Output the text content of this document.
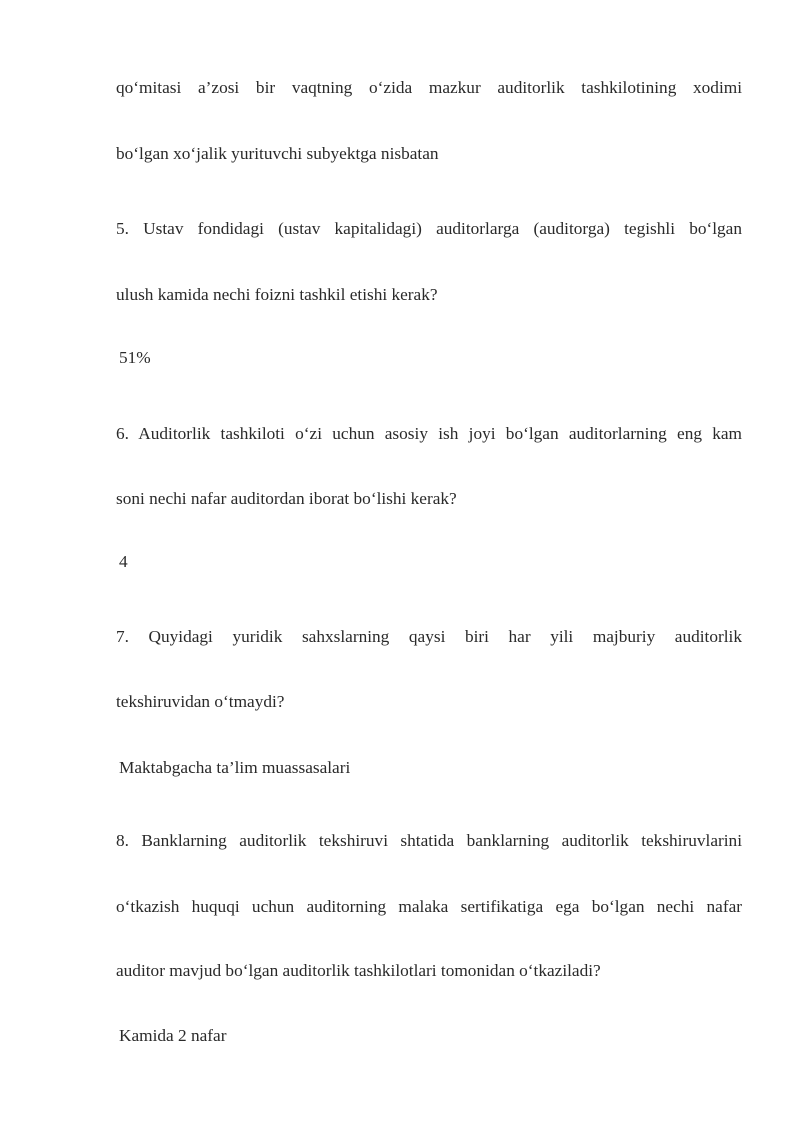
qo‘mitasi a’zosi bir vaqtning o‘zida mazkur auditorlik tashkilotining xodimi

bo‘lgan xo‘jalik yurituvchi subyektga nisbatan

5. Ustav fondidagi (ustav kapitalidagi) auditorlarga (auditorga) tegishli bo‘lgan

ulush kamida nechi foizni tashkil etishi kerak?

51%

6. Auditorlik tashkiloti o‘zi uchun asosiy ish joyi bo‘lgan auditorlarning eng kam

soni nechi nafar auditordan iborat bo‘lishi kerak?

4

7. Quyidagi yuridik sahxslarning qaysi biri har yili majburiy auditorlik

tekshiruvidan o‘tmaydi?

Maktabgacha ta’lim muassasalari

8. Banklarning auditorlik tekshiruvi shtatida banklarning auditorlik tekshiruvlarini

o‘tkazish huquqi uchun auditorning malaka sertifikatiga ega bo‘lgan nechi nafar

auditor mavjud bo‘lgan auditorlik tashkilotlari tomonidan o‘tkaziladi?

Kamida 2 nafar
